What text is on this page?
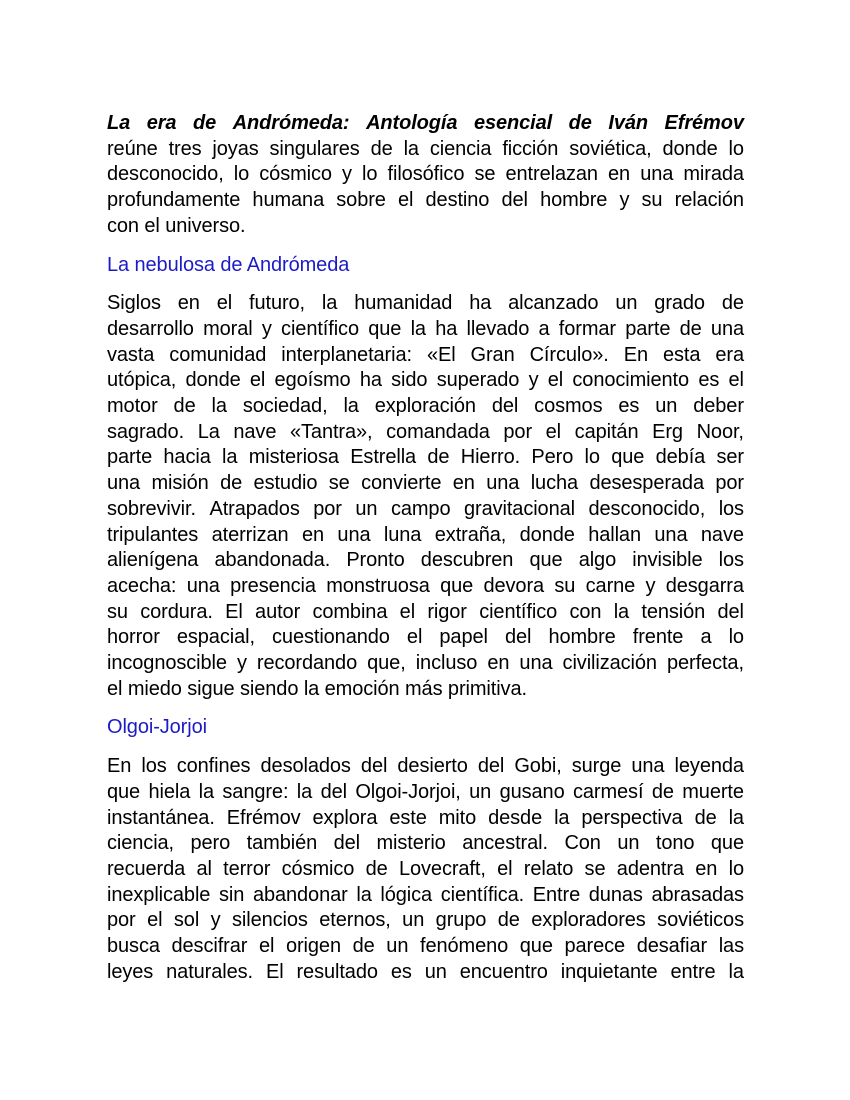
La era de Andrómeda: Antología esencial de Iván Efrémov
reúne tres joyas singulares de la ciencia ficción soviética, donde lo
desconocido, lo cósmico y lo filosófico se entrelazan en una mirada
profundamente humana sobre el destino del hombre y su relación
con el universo.
La nebulosa de Andrómeda
Siglos en el futuro, la humanidad ha alcanzado un grado de
desarrollo moral y científico que la ha llevado a formar parte de una
vasta comunidad interplanetaria: «El Gran Círculo». En esta era
utópica, donde el egoísmo ha sido superado y el conocimiento es el
motor de la sociedad, la exploración del cosmos es un deber
sagrado. La nave «Tantra», comandada por el capitán Erg Noor,
parte hacia la misteriosa Estrella de Hierro. Pero lo que debía ser
una misión de estudio se convierte en una lucha desesperada por
sobrevivir. Atrapados por un campo gravitacional desconocido, los
tripulantes aterrizan en una luna extraña, donde hallan una nave
alienígena abandonada. Pronto descubren que algo invisible los
acecha: una presencia monstruosa que devora su carne y desgarra
su cordura. El autor combina el rigor científico con la tensión del
horror espacial, cuestionando el papel del hombre frente a lo
incognoscible y recordando que, incluso en una civilización perfecta,
el miedo sigue siendo la emoción más primitiva.
Olgoi-Jorjoi
En los confines desolados del desierto del Gobi, surge una leyenda
que hiela la sangre: la del Olgoi-Jorjoi, un gusano carmesí de muerte
instantánea. Efrémov explora este mito desde la perspectiva de la
ciencia, pero también del misterio ancestral. Con un tono que
recuerda al terror cósmico de Lovecraft, el relato se adentra en lo
inexplicable sin abandonar la lógica científica. Entre dunas abrasadas
por el sol y silencios eternos, un grupo de exploradores soviéticos
busca descifrar el origen de un fenómeno que parece desafiar las
leyes naturales. El resultado es un encuentro inquietante entre la
